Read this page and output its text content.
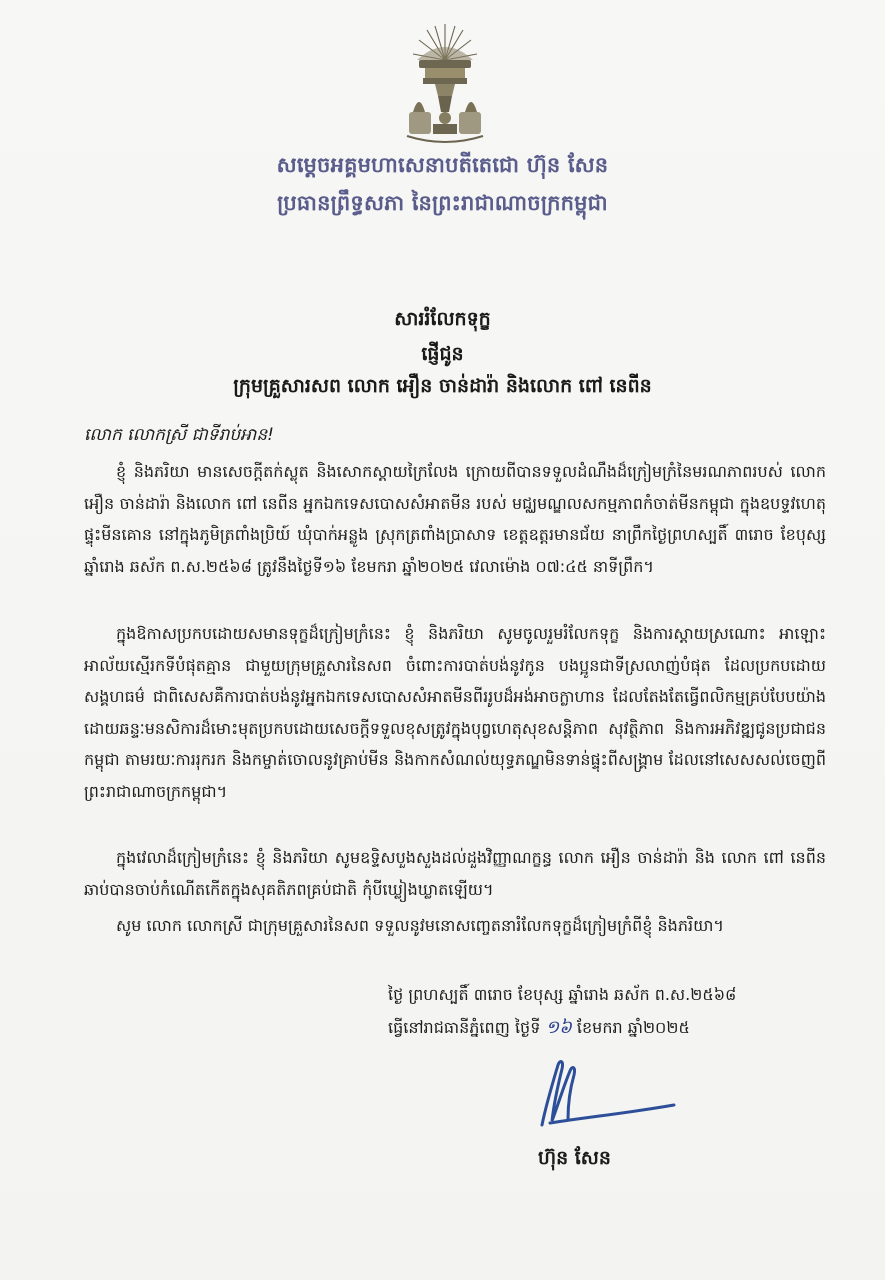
សម្ដេចអគ្គមហាសេនាបតីតេជោ ហ៊ុន សែន
ប្រធានព្រឹទ្ធសភា នៃព្រះរាជាណាចក្រកម្ពុជា
សាររំលែកទុក្ខ
ផ្ញើជូន
ក្រុមគ្រួសារសព លោក អឿន ចាន់ដារ៉ា និងលោក ពៅ នេពីន
លោក លោកស្រី ជាទីរាប់អាន!

ខ្ញុំ និងភរិយា មានសេចក្ដីតក់ស្លុត និងសោកស្ដាយក្រៃលែង ក្រោយពីបានទទួលដំណឹងដ៏ក្រៀមក្រំនៃមរណភាពរបស់ លោក អឿន ចាន់ដារ៉ា និងលោក ពៅ នេពីន អ្នកឯកទេសបោសសំអាតមីន របស់ មជ្ឈមណ្ឌលសកម្មភាពកំចាត់មីនកម្ពុជា ក្នុងឧបទ្ទវហេតុផ្ទុះមីនគោន នៅក្នុងភូមិត្រពាំងប្រិយ៍ ឃុំបាក់អន្លូង ស្រុកត្រពាំងប្រាសាទ ខេត្តឧត្ដរមានជ័យ នាព្រឹកថ្ងៃព្រហស្បតិ៍ ៣រោច ខែបុស្ស ឆ្នាំរោង ឆស័ក ព.ស.២៥៦៨ ត្រូវនឹងថ្ងៃទី១៦ ខែមករា ឆ្នាំ២០២៥ វេលាម៉ោង ០៧:៤៥ នាទីព្រឹក។

ក្នុងឱកាសប្រកបដោយសមានទុក្ខដ៏ក្រៀមក្រំនេះ ខ្ញុំ និងភរិយា សូមចូលរួមរំលែកទុក្ខ និងការស្ដាយស្រណោះ អាឡោះអាល័យស្មើរកទីបំផុតគ្មាន ជាមួយក្រុមគ្រួសារនៃសព ចំពោះការបាត់បង់នូវកូន បងប្អូនជាទីស្រលាញ់បំផុត ដែលប្រកបដោយសង្គហធម៌ ជាពិសេសគឺការបាត់បង់នូវអ្នកឯកទេសបោសសំអាតមីនពីររូបដ៏អង់អាចក្លាហាន ដែលតែងតែធ្វើពលិកម្មគ្រប់បែបយ៉ាងដោយឆន្ទៈមនសិការដ៏មោះមុតប្រកបដោយសេចក្ដីទទួលខុសត្រូវក្នុងបុព្វហេតុសុខសន្តិភាព សុវត្ថិភាព និងការអភិវឌ្ឍជូនប្រជាជនកម្ពុជា តាមរយៈការរុករក និងកម្ចាត់ចោលនូវគ្រាប់មីន និងកាកសំណល់យុទ្ធភណ្ឌមិនទាន់ផ្ទុះពីសង្គ្រាម ដែលនៅសេសសល់ចេញពីព្រះរាជាណាចក្រកម្ពុជា។

ក្នុងវេលាដ៏ក្រៀមក្រំនេះ ខ្ញុំ និងភរិយា សូមឧទ្ទិសបួងសួងដល់ដួងវិញ្ញាណក្ខន្ធ លោក អឿន ចាន់ដារ៉ា និង លោក ពៅ នេពីន ឆាប់បានចាប់កំណើតកើតក្នុងសុគតិភពគ្រប់ជាតិ កុំបីឃ្លៀងឃ្លាតឡើយ។

សូម លោក លោកស្រី ជាក្រុមគ្រួសារនៃសព ទទួលនូវមនោសញ្ចេតនារំលែកទុក្ខដ៏ក្រៀមក្រំពីខ្ញុំ និងភរិយា។

ថ្ងៃ ព្រហស្បតិ៍ ៣រោច ខែបុស្ស ឆ្នាំរោង ឆស័ក ព.ស.២៥៦៨
ធ្វើនៅរាជធានីភ្នំពេញ ថ្ងៃទី ១៦ ខែមករា ឆ្នាំ២០២៥
ហ៊ុន សែន
